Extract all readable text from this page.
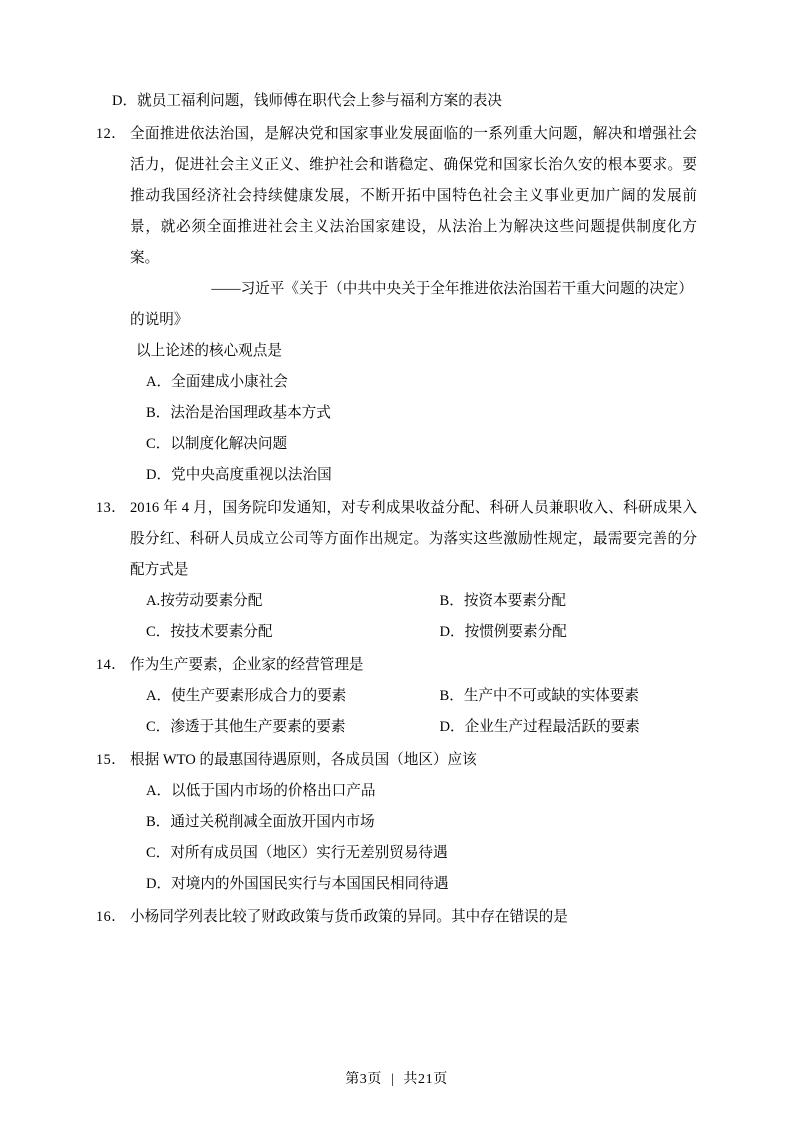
D．就员工福利问题，钱师傅在职代会上参与福利方案的表决
12． 全面推进依法治国，是解决党和国家事业发展面临的一系列重大问题，解决和增强社会活力，促进社会主义正义、维护社会和谐稳定、确保党和国家长治久安的根本要求。要推动我国经济社会持续健康发展，不断开拓中国特色社会主义事业更加广阔的发展前景，就必须全面推进社会主义法治国家建设，从法治上为解决这些问题提供制度化方案。
——习近平《关于（中共中央关于全年推进依法治国若干重大问题的决定）
的说明》
以上论述的核心观点是
A．全面建成小康社会
B．法治是治国理政基本方式
C．以制度化解决问题
D．党中央高度重视以法治国
13． 2016 年 4 月，国务院印发通知，对专利成果收益分配、科研人员兼职收入、科研成果入股分红、科研人员成立公司等方面作出规定。为落实这些激励性规定，最需要完善的分配方式是
A.按劳动要素分配	B．按资本要素分配
C．按技术要素分配	D．按惯例要素分配
14． 作为生产要素，企业家的经营管理是
A．使生产要素形成合力的要素	B．生产中不可或缺的实体要素
C．渗透于其他生产要素的要素	D．企业生产过程最活跃的要素
15． 根据 WTO 的最惠国待遇原则，各成员国（地区）应该
A．以低于国内市场的价格出口产品
B．通过关税削减全面放开国内市场
C．对所有成员国（地区）实行无差别贸易待遇
D．对境内的外国国民实行与本国国民相同待遇
16． 小杨同学列表比较了财政政策与货币政策的异同。其中存在错误的是
第3页 | 共21页
